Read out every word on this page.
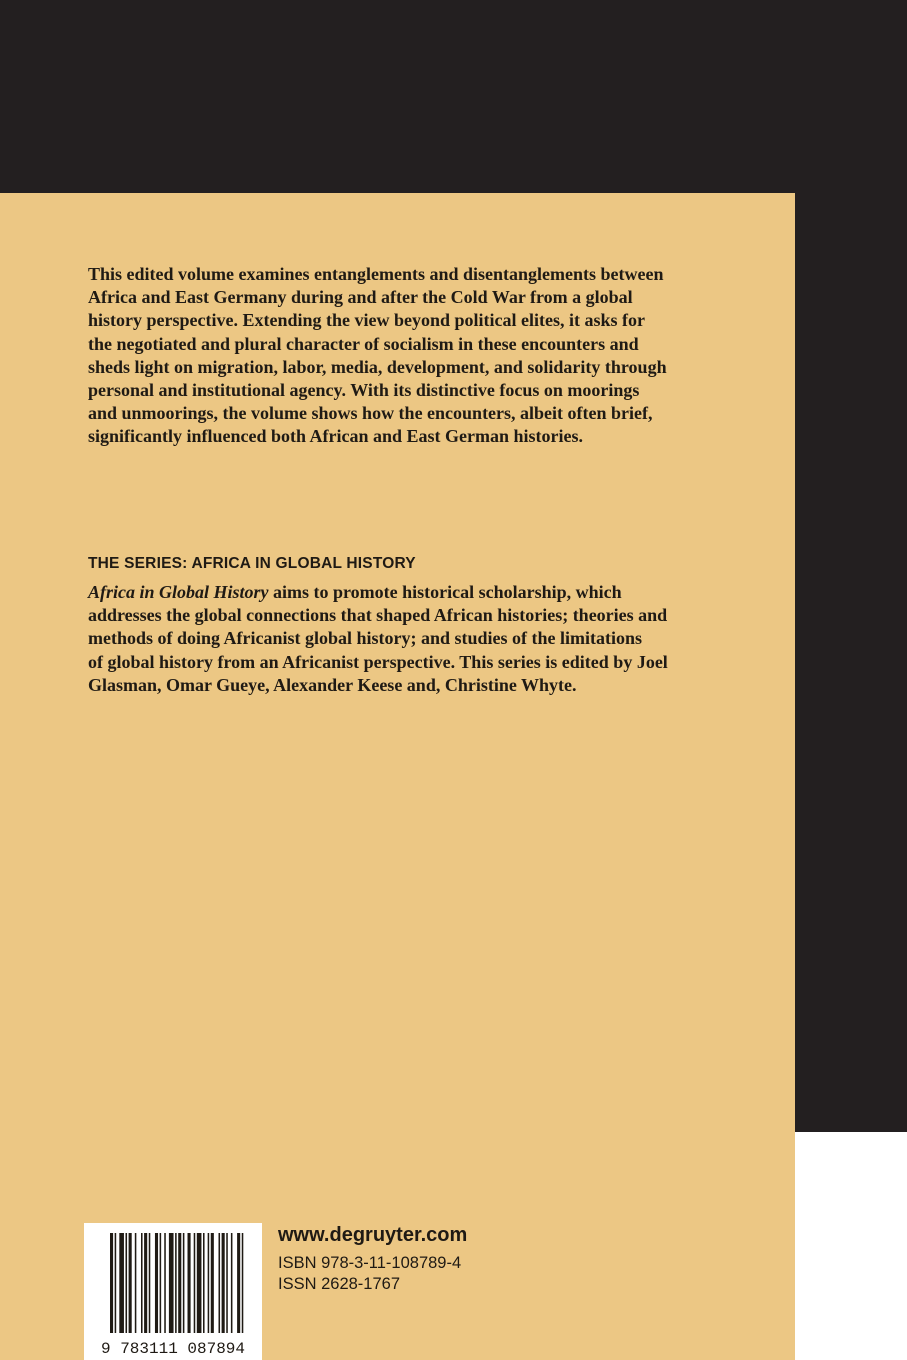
This edited volume examines entanglements and disentanglements between
Africa and East Germany during and after the Cold War from a global
history perspective. Extending the view beyond political elites, it asks for
the negotiated and plural character of socialism in these encounters and
sheds light on migration, labor, media, development, and solidarity through
personal and institutional agency. With its distinctive focus on moorings
and unmoorings, the volume shows how the encounters, albeit often brief,
significantly influenced both African and East German histories.

THE SERIES: AFRICA IN GLOBAL HISTORY

Africa in Global History aims to promote historical scholarship, which
addresses the global connections that shaped African histories; theories and
methods of doing Africanist global history; and studies of the limitations
of global history from an Africanist perspective. This series is edited by Joel
Glasman, Omar Gueye, Alexander Keese and, Christine Whyte.

9 783111 087894

www.degruyter.com

ISBN 978-3-11-108789-4

ISSN 2628-1767
